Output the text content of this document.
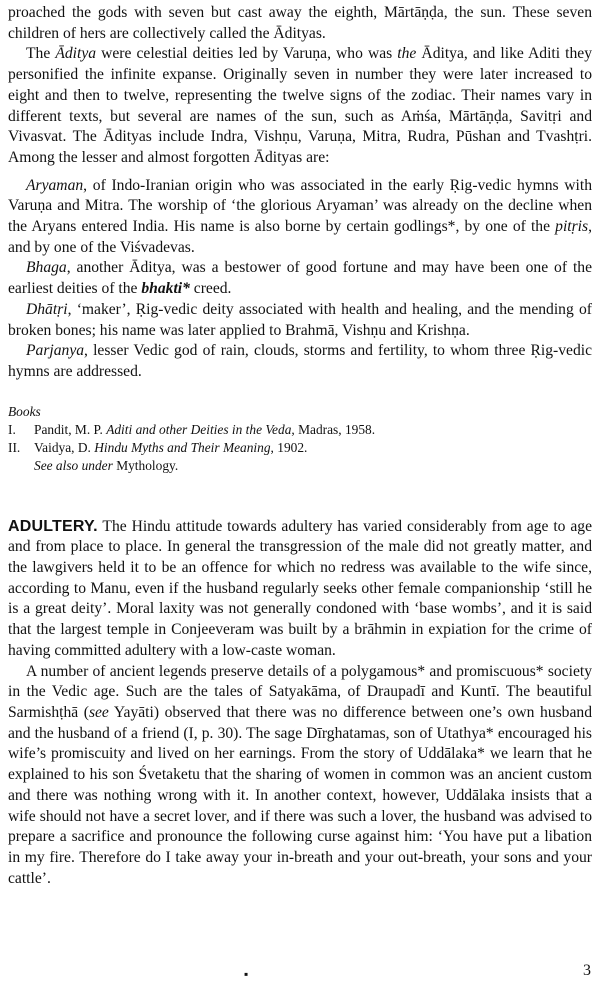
proached the gods with seven but cast away the eighth, Mārtāṇḍa, the sun. These seven children of hers are collectively called the Ādityas.

The Āditya were celestial deities led by Varuṇa, who was the Āditya, and like Aditi they personified the infinite expanse. Originally seven in number they were later increased to eight and then to twelve, representing the twelve signs of the zodiac. Their names vary in different texts, but several are names of the sun, such as Aṁśa, Mārtāṇḍa, Savitṛi and Vivasvat. The Ādityas include Indra, Vishṇu, Varuṇa, Mitra, Rudra, Pūshan and Tvashṭri. Among the lesser and almost forgotten Ādityas are:

Aryaman, of Indo-Iranian origin who was associated in the early Ṛig-vedic hymns with Varuṇa and Mitra. The worship of ‘the glorious Aryaman’ was already on the decline when the Aryans entered India. His name is also borne by certain godlings*, by one of the pitṛis, and by one of the Viśvadevas.

Bhaga, another Āditya, was a bestower of good fortune and may have been one of the earliest deities of the bhakti* creed.

Dhātṛi, ‘maker’, Ṛig-vedic deity associated with health and healing, and the mending of broken bones; his name was later applied to Brahmā, Vishṇu and Krishṇa.

Parjanya, lesser Vedic god of rain, clouds, storms and fertility, to whom three Ṛig-vedic hymns are addressed.

Books
I.	Pandit, M. P. Aditi and other Deities in the Veda, Madras, 1958.
II.	Vaidya, D. Hindu Myths and Their Meaning, 1902.
See also under Mythology.

ADULTERY. The Hindu attitude towards adultery has varied considerably from age to age and from place to place. In general the transgression of the male did not greatly matter, and the lawgivers held it to be an offence for which no redress was available to the wife since, according to Manu, even if the husband regularly seeks other female companionship ‘still he is a great deity’. Moral laxity was not generally condoned with ‘base wombs’, and it is said that the largest temple in Conjeeveram was built by a brāhmin in expiation for the crime of having committed adultery with a low-caste woman.

A number of ancient legends preserve details of a polygamous* and promiscuous* society in the Vedic age. Such are the tales of Satyakāma, of Draupadī and Kuntī. The beautiful Sarmishṭhā (see Yayāti) observed that there was no difference between one’s own husband and the husband of a friend (I, p. 30). The sage Dīrghatamas, son of Utathya* encouraged his wife’s promiscuity and lived on her earnings. From the story of Uddālaka* we learn that he explained to his son Śvetaketu that the sharing of women in common was an ancient custom and there was nothing wrong with it. In another context, however, Uddālaka insists that a wife should not have a secret lover, and if there was such a lover, the husband was advised to prepare a sacrifice and pronounce the following curse against him: ‘You have put a libation in my fire. Therefore do I take away your in-breath and your out-breath, your sons and your cattle’.

▪	3
